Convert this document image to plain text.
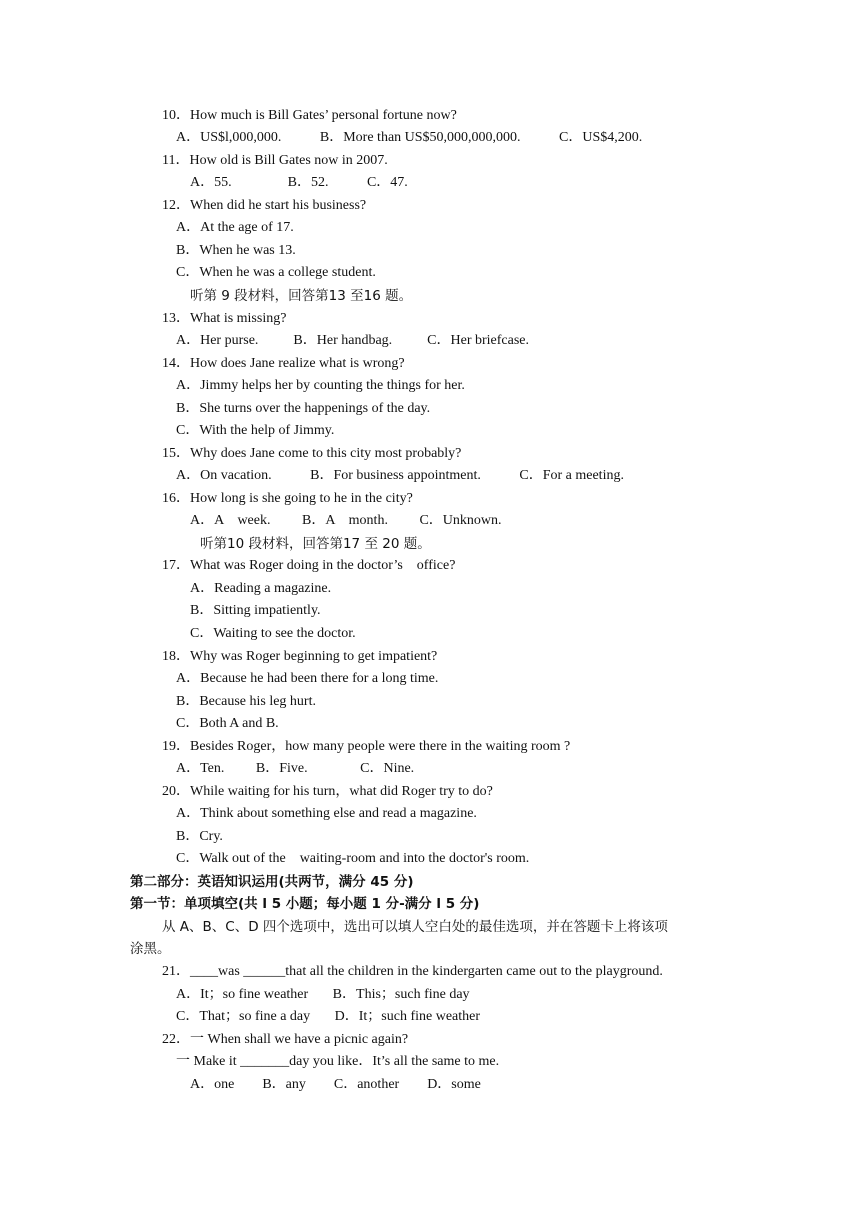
10．How much is Bill Gates’ personal fortune now?
A．US$l,000,000.           B．More than US$50,000,000,000.           C．US$4,200.
11．How old is Bill Gates now in 2007.
A．55.                B．52.           C．47.
12．When did he start his business?
A．At the age of 17.
B．When he was 13.
C．When he was a college student.
听第 9 段材料，回答第13 至16 题。
13．What is missing?
A．Her purse.          B．Her handbag.          C．Her briefcase.
14．How does Jane realize what is wrong?
A．Jimmy helps her by counting the things for her.
B．She turns over the happenings of the day.
C．With the help of Jimmy.
15．Why does Jane come to this city most probably?
A．On vacation.           B．For business appointment.           C．For a meeting.
16．How long is she going to he in the city?
A．A    week.         B．A    month.         C．Unknown.
听第10 段材料，回答第17 至 20 题。
17．What was Roger doing in the doctor’s    office?
A．Reading a magazine.
B．Sitting impatiently.
C．Waiting to see the doctor.
18．Why was Roger beginning to get impatient?
A．Because he had been there for a long time.
B．Because his leg hurt.
C．Both A and B.
19．Besides Roger，how many people were there in the waiting room ?
A．Ten.         B．Five.               C．Nine.
20．While waiting for his turn，what did Roger try to do?
A．Think about something else and read a magazine.
B．Cry.
C．Walk out of the    waiting-room and into the doctor's room.
第二部分：英语知识运用(共两节，满分 45 分)
第一节：单项填空(共 l 5 小题；每小题 1 分-满分 l 5 分)
从 A、B、C、D 四个选项中，选出可以填人空白处的最佳选项，并在答题卡上将该项
涂黑。
21．____was ______that all the children in the kindergarten came out to the playground.
A．It；so fine weather       B．This；such fine day
C．That；so fine a day       D．It；such fine weather
22．一 When shall we have a picnic again?
一 Make it _______day you like．It’s all the same to me.
A．one        B．any        C．another        D．some
